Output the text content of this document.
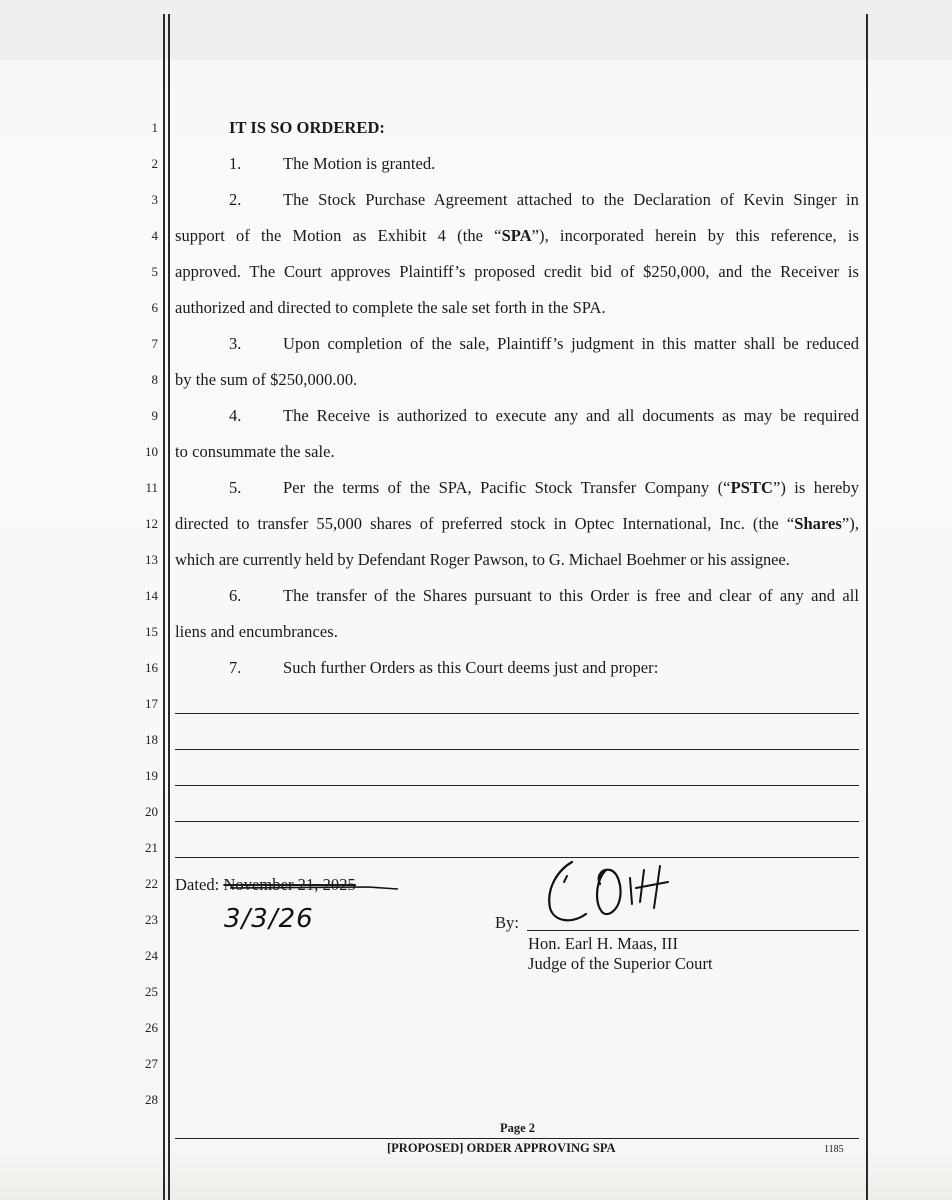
1
2
3
4
5
6
7
8
9
10
11
12
13
14
15
16
17
18
19
20
21
22
23
24
25
26
27
28
IT IS SO ORDERED:
1.	The Motion is granted.
2.	The Stock Purchase Agreement attached to the Declaration of Kevin Singer in
support of the Motion as Exhibit 4 (the “SPA”), incorporated herein by this reference, is
approved. The Court approves Plaintiff’s proposed credit bid of $250,000, and the Receiver is
authorized and directed to complete the sale set forth in the SPA.
3.	Upon completion of the sale, Plaintiff’s judgment in this matter shall be reduced
by the sum of $250,000.00.
4.	The Receive is authorized to execute any and all documents as may be required
to consummate the sale.
5.	Per the terms of the SPA, Pacific Stock Transfer Company (“PSTC”) is hereby
directed to transfer 55,000 shares of preferred stock in Optec International, Inc. (the “Shares”),
which are currently held by Defendant Roger Pawson, to G. Michael Boehmer or his assignee.
6.	The transfer of the Shares pursuant to this Order is free and clear of any and all
liens and encumbrances.
7.	Such further Orders as this Court deems just and proper:
Dated: November 21, 2025
3/3/26	By:
Hon. Earl H. Maas, III
Judge of the Superior Court
Page 2
[PROPOSED] ORDER APPROVING SPA	1185
